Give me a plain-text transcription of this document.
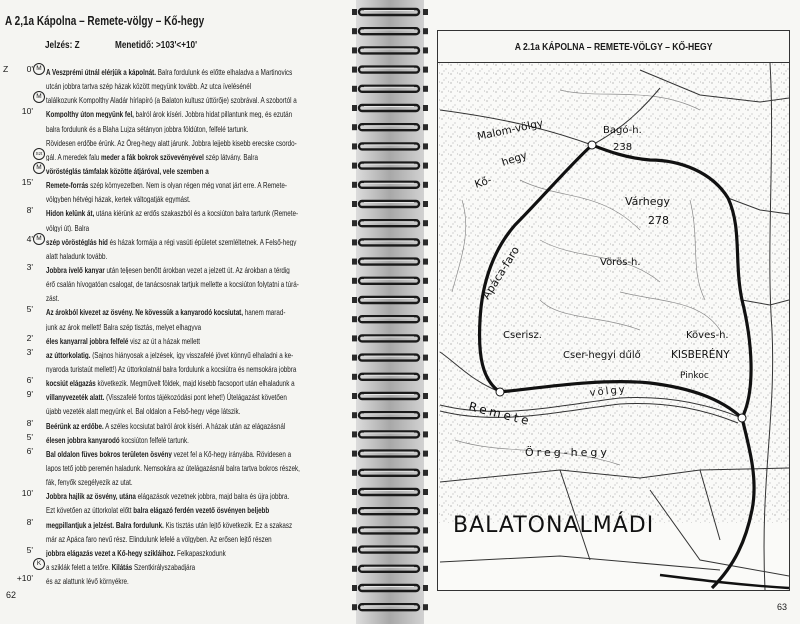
A 2,1a Kápolna – Remete-völgy – Kő-hegy
Jelzés: Z	Menetidő: >103'<+10'
Z 0' M A Veszprémi útnál elérjük a kápolnát. Balra fordulunk és előtte elhaladva a Martinovics
utcán jobbra tartva szép házak között megyünk tovább. Az utca ívelésénél
M találkozunk Kompolthy Aladár hírlapíró (a Balaton kultusz úttörője) szobrával. A szobortól a
10' Kompolthy úton megyünk fel, balról árok kíséri. Jobbra hidat pillantunk meg, és ezután
balra fordulunk és a Blaha Lujza sétányon jobbra földúton, felfelé tartunk.
Rövidesen erdőbe érünk. Az Öreg-hegy alatt járunk. Jobbra lejjebb kisebb erecske csordo-
Szt gál. A meredek falu meder a fák bokrok szövevényével szép látvány. Balra
M vöröstéglás támfalak közötte átjáróval, vele szemben a
15' Remete-forrás szép környezetben. Nem is olyan régen még vonat járt erre. A Remete-
völgyben hétvégi házak, kertek váltogatják egymást.
8' Hidon kelünk át, utána kiérünk az erdős szakaszból és a kocsiúton balra tartunk (Remete-
völgyi út). Balra
4' M szép vöröstéglás híd és házak formája a régi vasúti épületet szemléltetnek. A Felső-hegy
alatt haladunk tovább.
3' Jobbra ívelő kanyar után teljesen benőtt árokban vezet a jelzett út. Az árokban a térdig
érő csalán hívogatóan csalogat, de tanácsosnak tartjuk mellette a kocsiúton folytatni a túrá-
zást.
5' Az árokból kivezet az ösvény. Ne kövessük a kanyarodó kocsiutat, hanem marad-
junk az árok mellett! Balra szép tisztás, melyet elhagyva
2' éles kanyarral jobbra felfelé visz az út a házak mellett
3' az úttorkolatig. (Sajnos hiányosak a jelzések, így visszafelé jövet könnyű elhaladni a ke-
nyaroda turistaút mellett!) Az úttorkolatnál balra fordulunk a kocsiútra és nemsokára jobbra
6' kocsiút elágazás következik. Megművelt földek, majd kisebb facsoport után elhaladunk a
9' villanyvezeték alatt. (Visszafelé fontos tájékozódási pont lehet!) Útelágazást követően
újabb vezeték alatt megyünk el. Bal oldalon a Felső-hegy vége látszik.
8' Beérünk az erdőbe. A széles kocsiutat balról árok kíséri. A házak után az elágazásnál
5' élesen jobbra kanyarodó kocsiúton felfelé tartunk.
6' Bal oldalon füves bokros területen ösvény vezet fel a Kő-hegy irányába. Rövidesen a
lapos tető jobb peremén haladunk. Nemsokára az útelágazásnál balra tartva bokros részek,
fák, fenyők szegélyezik az utat.
10' Jobbra hajlik az ösvény, utána elágazások vezetnek jobbra, majd balra és újra jobbra.
Ezt követően az úttorkolat előtt balra elágazó ferdén vezető ösvényen beljebb
8' megpillantjuk a jelzést. Balra fordulunk. Kis tisztás után lejtő következik. Ez a szakasz
már az Apáca faro nevű rész. Elindulunk lefelé a völgyben. Az erősen lejtő részen
5' jobbra elágazás vezet a Kő-hegy szikláihoz. Felkapaszkodunk
K a sziklák felett a tetőre. Kilátás Szentkirályszabadjára
+10' és az alattunk lévő környékre.
62
A 2.1a KÁPOLNA – REMETE-VÖLGY – KŐ-HEGY
Bagó-h.
238
Malom-völgy
hegy
Kő-
Várhegy
278
Apáca-faro	Vörös-h.
Cserisz.
Cser-hegyi dűlő
Köves-h.
KISBERÉNY
Pinkoc
Remete
völgy
Öreg-hegy
BALATONALMÁDI
63
